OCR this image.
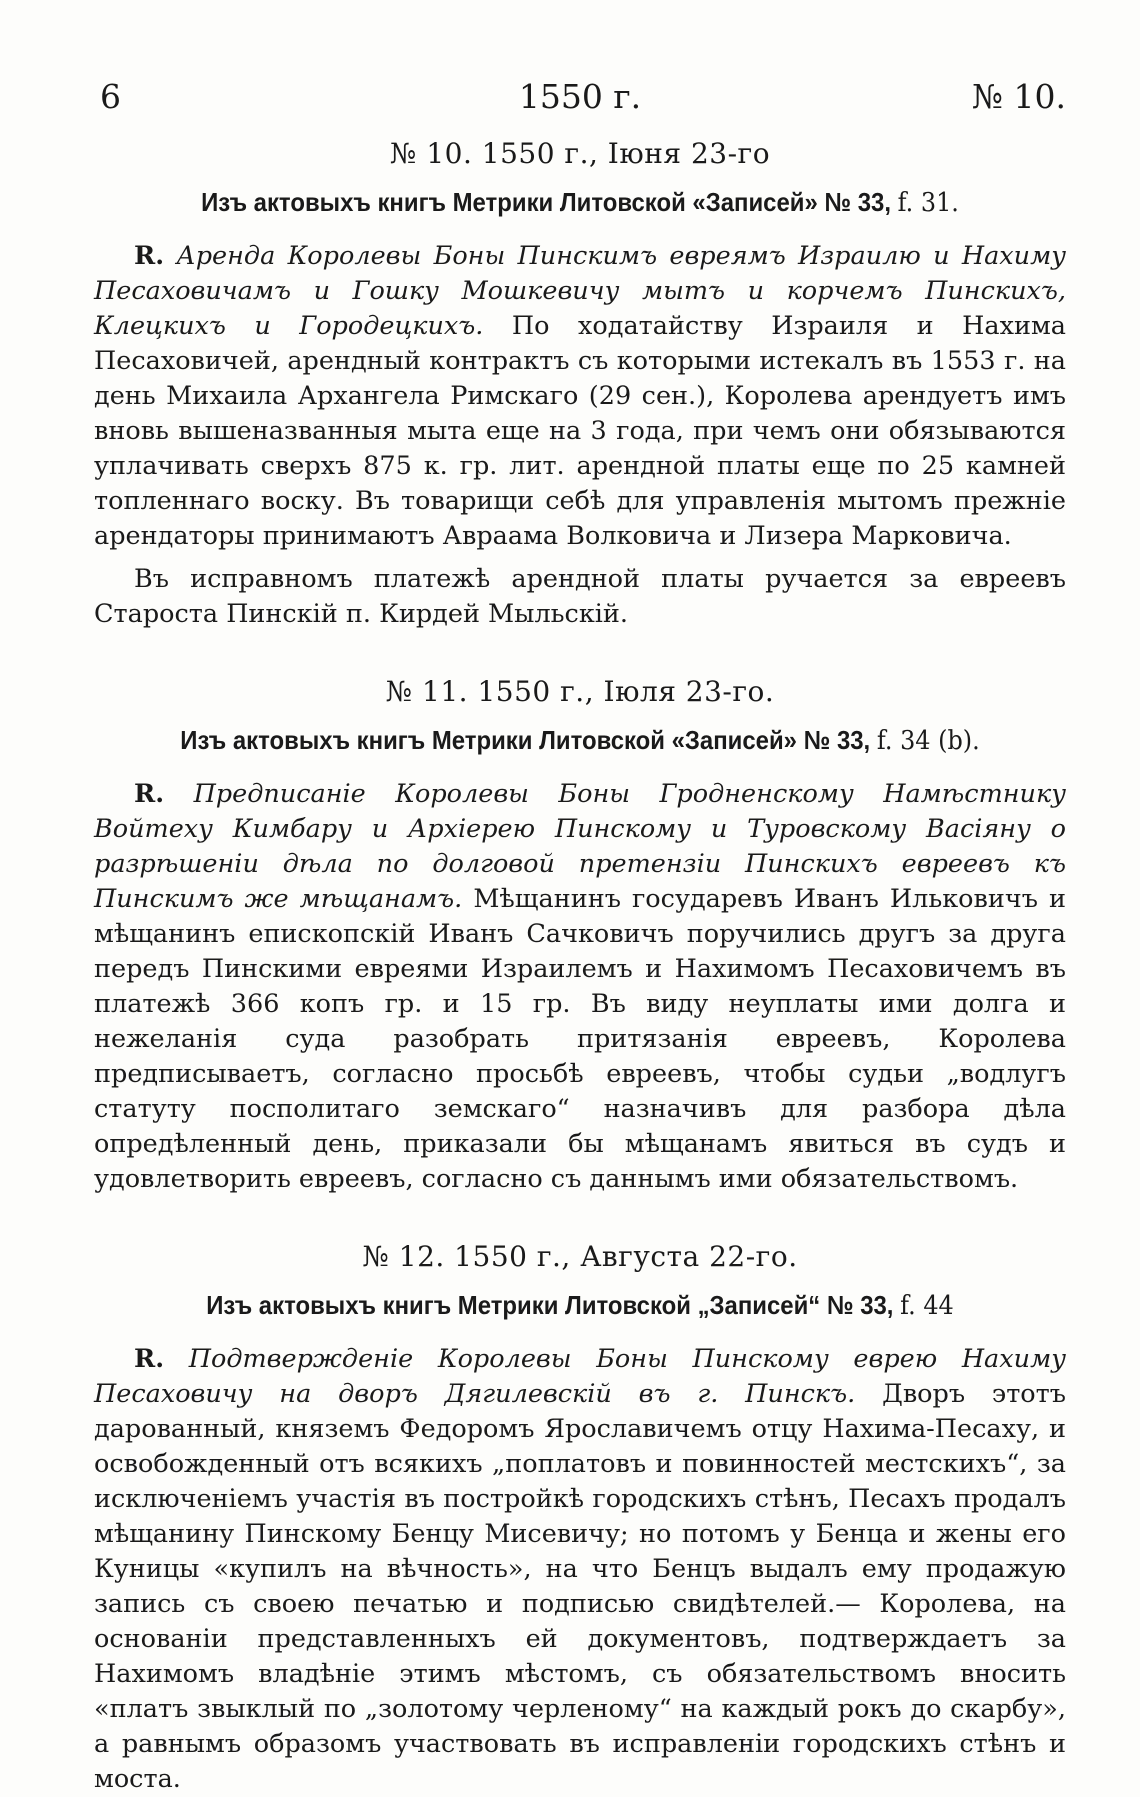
6	1550 г.	№ 10.
№ 10. 1550 г., Іюня 23-го
Изъ актовыхъ книгъ Метрики Литовской «Записей» № 33, f. 31.

R. Аренда Королевы Боны Пинскимъ евреямъ Израилю и Нахиму Песаховичамъ и Гошку Мошкевичу мытъ и корчемъ Пинскихъ, Клецкихъ и Городецкихъ. По ходатайству Израиля и Нахима Песаховичей, арендный контрактъ съ которыми истекалъ въ 1553 г. на день Михаила Архангела Римскаго (29 сен.), Королева арендуетъ имъ вновь вышеназванныя мыта еще на 3 года, при чемъ они обязываются уплачивать сверхъ 875 к. гр. лит. арендной платы еще по 25 камней топленнаго воску. Въ товарищи себѣ для управленія мытомъ прежніе арендаторы принимаютъ Авраама Волковича и Лизера Марковича.

Въ исправномъ платежѣ арендной платы ручается за евреевъ Староста Пинскій п. Кирдей Мыльскій.

№ 11. 1550 г., Іюля 23-го.
Изъ актовыхъ книгъ Метрики Литовской «Записей» № 33, f. 34 (b).

R. Предписаніе Королевы Боны Гродненскому Намѣстнику Войтеху Кимбару и Архіерею Пинскому и Туровскому Васіяну о разрѣшеніи дѣла по долговой претензіи Пинскихъ евреевъ къ Пинскимъ же мѣщанамъ. Мѣщанинъ государевъ Иванъ Ильковичъ и мѣщанинъ епископскій Иванъ Сачковичъ поручились другъ за друга передъ Пинскими евреями Израилемъ и Нахимомъ Песаховичемъ въ платежѣ 366 копъ гр. и 15 гр. Въ виду неуплаты ими долга и нежеланія суда разобрать притязанія евреевъ, Королева предписываетъ, согласно просьбѣ евреевъ, чтобы судьи „водлугъ статуту посполитаго земскаго“ назначивъ для разбора дѣла опредѣленный день, приказали бы мѣщанамъ явиться въ судъ и удовлетворить евреевъ, согласно съ даннымъ ими обязательствомъ.

№ 12. 1550 г., Августа 22-го.
Изъ актовыхъ книгъ Метрики Литовской „Записей“ № 33, f. 44

R. Подтвержденіе Королевы Боны Пинскому еврею Нахиму Песаховичу на дворъ Дягилевскій въ г. Пинскъ. Дворъ этотъ дарованный, княземъ Федоромъ Ярославичемъ отцу Нахима-Песаху, и освобожденный отъ всякихъ „поплатовъ и повинностей местскихъ“, за исключеніемъ участія въ постройкѣ городскихъ стѣнъ, Песахъ продалъ мѣщанину Пинскому Бенцу Мисевичу; но потомъ у Бенца и жены его Куницы «купилъ на вѣчность», на что Бенцъ выдалъ ему продажую запись съ своею печатью и подписью свидѣтелей.— Королева, на основаніи представленныхъ ей документовъ, подтверждаетъ за Нахимомъ владѣніе этимъ мѣстомъ, съ обязательствомъ вносить «платъ звыклый по „золотому черленому“ на каждый рокъ до скарбу», а равнымъ образомъ участвовать въ исправленіи городскихъ стѣнъ и моста.
